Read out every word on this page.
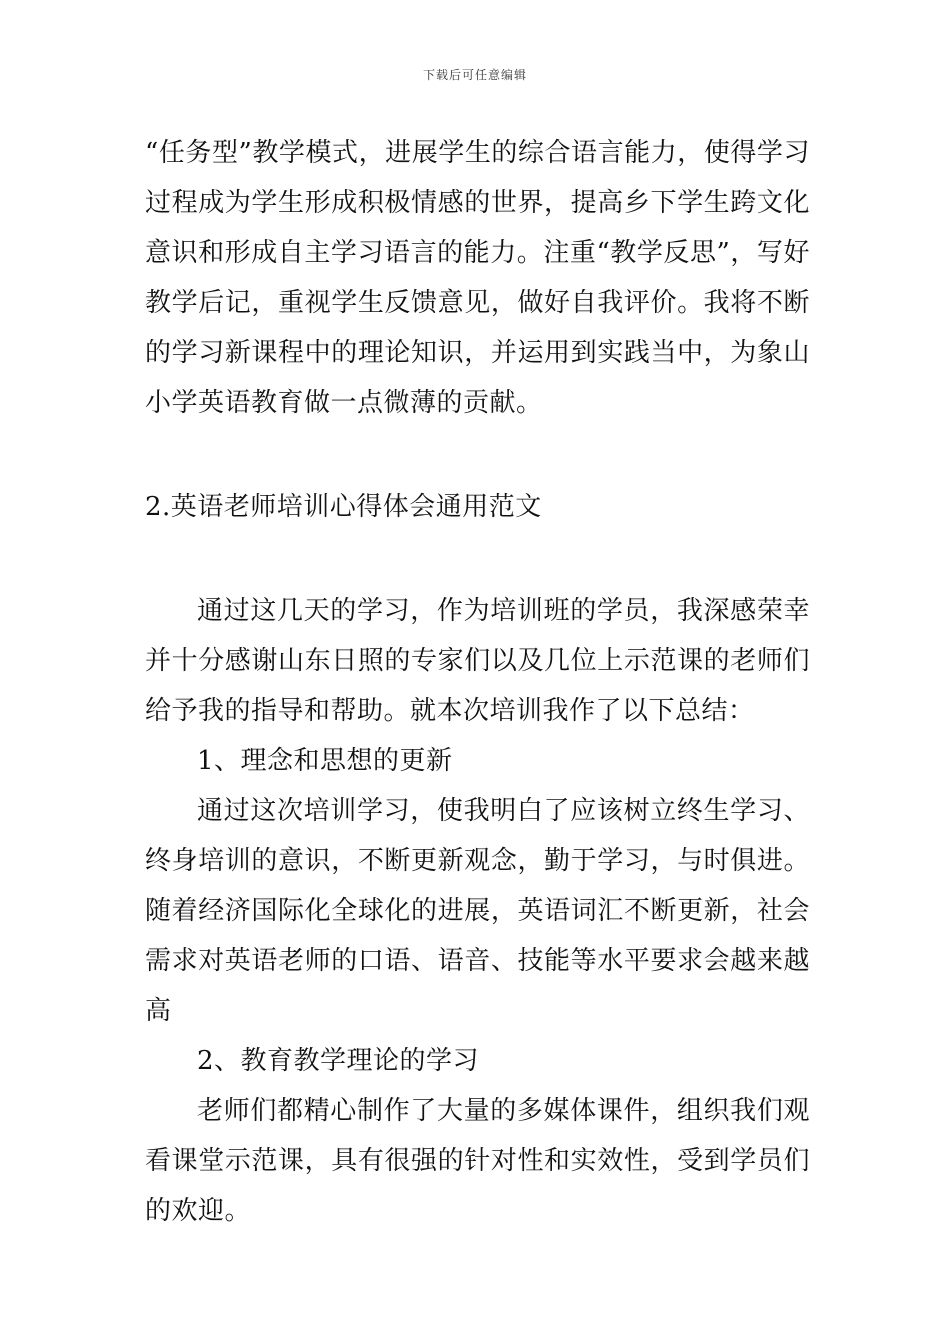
下载后可任意编辑

“任务型”教学模式，进展学生的综合语言能力，使得学习过程成为学生形成积极情感的世界，提高乡下学生跨文化意识和形成自主学习语言的能力。注重“教学反思”，写好教学后记，重视学生反馈意见，做好自我评价。我将不断的学习新课程中的理论知识，并运用到实践当中，为象山小学英语教育做一点微薄的贡献。

2.英语老师培训心得体会通用范文

通过这几天的学习，作为培训班的学员，我深感荣幸并十分感谢山东日照的专家们以及几位上示范课的老师们给予我的指导和帮助。就本次培训我作了以下总结：

1、理念和思想的更新

通过这次培训学习，使我明白了应该树立终生学习、终身培训的意识，不断更新观念，勤于学习，与时俱进。随着经济国际化全球化的进展，英语词汇不断更新，社会需求对英语老师的口语、语音、技能等水平要求会越来越高

2、教育教学理论的学习

老师们都精心制作了大量的多媒体课件，组织我们观看课堂示范课，具有很强的针对性和实效性，受到学员们的欢迎。
